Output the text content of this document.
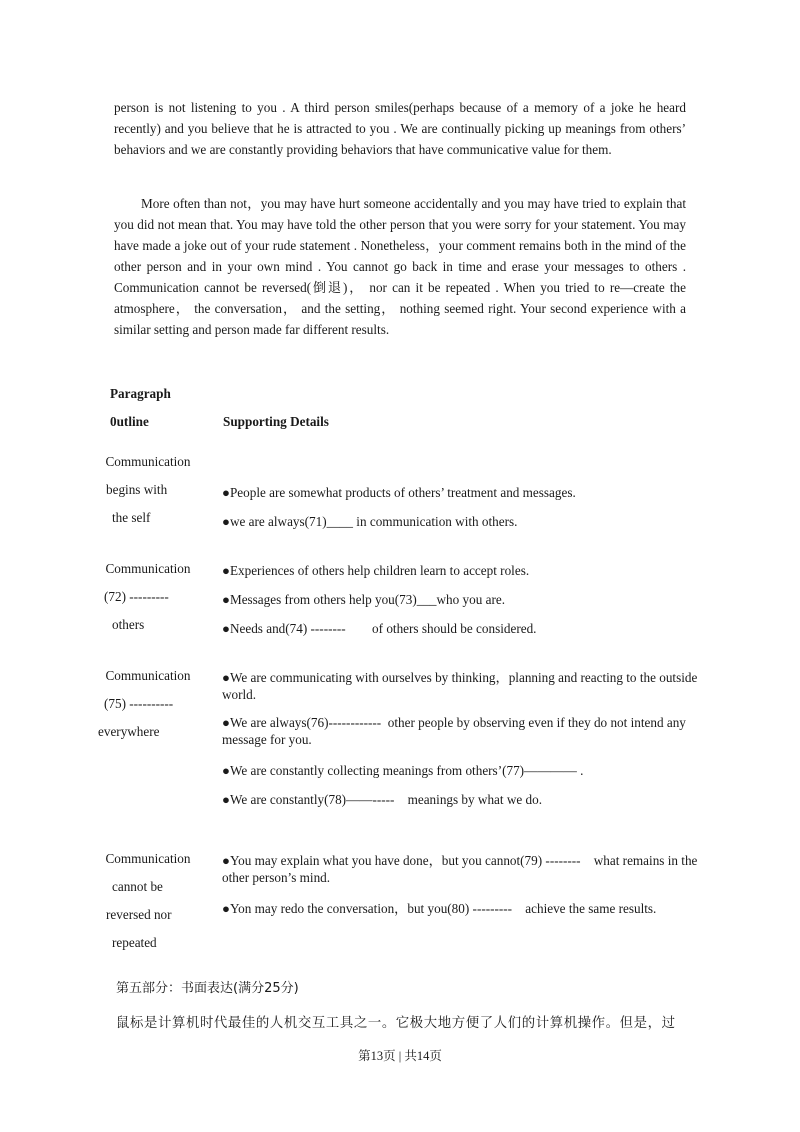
person is not listening to you . A third person smiles(perhaps because of a memory of a joke he heard recently) and you believe that he is attracted to you . We are continually picking up meanings from others’ behaviors and we are constantly providing behaviors that have communicative value for them.

More often than not，you may have hurt someone accidentally and you may have tried to explain that you did not mean that. You may have told the other person that you were sorry for your statement. You may have made a joke out of your rude statement . Nonetheless，your comment remains both in the mind of the other person and in your own mind . You cannot go back in time and erase your messages to others . Communication cannot be reversed(倒退)， nor can it be repeated . When you tried to re—create the atmosphere， the conversation， and the setting， nothing seemed right. Your second experience with a similar setting and person made far different results.

Paragraph
0utline	Supporting Details
Communication
begins with
the self
●People are somewhat products of others’ treatment and messages.
●we are always(71)____ in communication with others.
Communication
(72) ---------
others
●Experiences of others help children learn to accept roles.
●Messages from others help you(73)___who you are.
●Needs and(74) --------        of others should be considered.
Communication
(75) ----------
everywhere
●We are communicating with ourselves by thinking，planning and reacting to the outside world.
●We are always(76)------------  other people by observing even if they do not intend any message for you.
●We are constantly collecting meanings from others’(77)———— .
●We are constantly(78)——-----    meanings by what we do.
Communication
cannot be
reversed nor
repeated
●You may explain what you have done，but you cannot(79) --------    what remains in the other person’s mind.
●Yon may redo the conversation，but you(80) ---------    achieve the same results.
第五部分：书面表达(满分25分)
鼠标是计算机时代最佳的人机交互工具之一。它极大地方便了人们的计算机操作。但是，过
第13页 | 共14页
